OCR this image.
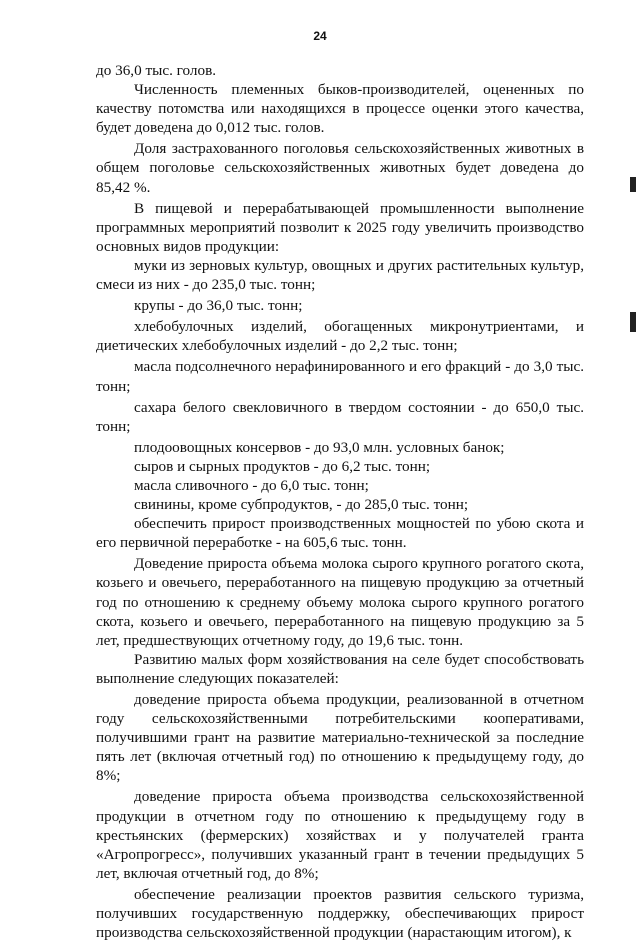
24

до 36,0 тыс. голов.

Численность племенных быков-производителей, оцененных по качеству потомства или находящихся в процессе оценки этого качества, будет доведена до 0,012 тыс. голов.

Доля застрахованного поголовья сельскохозяйственных животных в общем поголовье сельскохозяйственных животных будет доведена до 85,42 %.

В пищевой и перерабатывающей промышленности выполнение программных мероприятий позволит к 2025 году увеличить производство основных видов продукции:

муки из зерновых культур, овощных и других растительных культур, смеси из них - до 235,0 тыс. тонн;

крупы - до 36,0 тыс. тонн;

хлебобулочных изделий, обогащенных микронутриентами, и диетических хлебобулочных изделий - до 2,2 тыс. тонн;

масла подсолнечного нерафинированного и его фракций - до 3,0 тыс. тонн;

сахара белого свекловичного в твердом состоянии - до 650,0 тыс. тонн;

плодоовощных консервов - до 93,0 млн. условных банок;

сыров и сырных продуктов - до 6,2 тыс. тонн;

масла сливочного - до 6,0 тыс. тонн;

свинины, кроме субпродуктов, - до 285,0 тыс. тонн;

обеспечить прирост производственных мощностей по убою скота и его первичной переработке - на 605,6 тыс. тонн.

Доведение прироста объема молока сырого крупного рогатого скота, козьего и овечьего, переработанного на пищевую продукцию за отчетный год по отношению к среднему объему молока сырого крупного рогатого скота, козьего и овечьего, переработанного на пищевую продукцию за 5 лет, предшествующих отчетному году, до 19,6 тыс. тонн.

Развитию малых форм хозяйствования на селе будет способствовать выполнение следующих показателей:

доведение прироста объема продукции, реализованной в отчетном году сельскохозяйственными потребительскими кооперативами, получившими грант на развитие материально-технической за последние пять лет (включая отчетный год) по отношению к предыдущему году, до 8%;

доведение прироста объема производства сельскохозяйственной продукции в отчетном году по отношению к предыдущему году в крестьянских (фермерских) хозяйствах и у получателей гранта «Агропрогресс», получивших указанный грант в течении предыдущих 5 лет, включая отчетный год, до 8%;

обеспечение реализации проектов развития сельского туризма, получивших государственную поддержку, обеспечивающих прирост производства сельскохозяйственной продукции (нарастающим итогом), к
